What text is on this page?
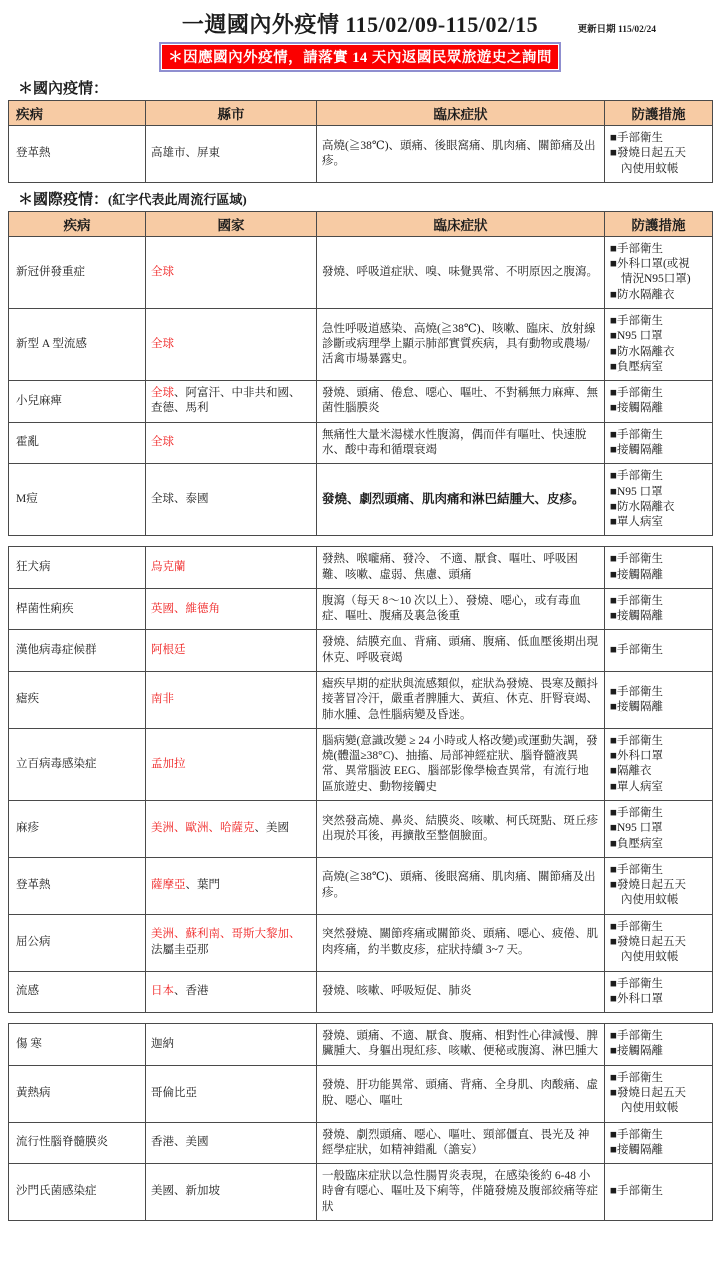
一週國內外疫情 115/02/09-115/02/15	更新日期 115/02/24
＊因應國內外疫情，請落實 14 天內返國民眾旅遊史之詢問
＊國內疫情：
疾病	縣市	臨床症狀	防護措施
登革熱	高雄市、屏東	高燒(≧38℃)、頭痛、後眼窩痛、肌肉痛、關節痛及出疹。	■手部衛生
■發燒日起五天
內使用蚊帳
＊國際疫情：(紅字代表此周流行區域)
疾病	國家	臨床症狀	防護措施
新冠併發重症	全球	發燒、呼吸道症狀、嗅、味覺異常、不明原因之腹瀉。	■手部衛生
■外科口罩(或視
情況N95口罩)
■防水隔離衣

新型 A 型流感	全球	急性呼吸道感染、高燒(≧38℃)、咳嗽、臨床、放射線診斷或病理學上顯示肺部實質疾病，具有動物或農場/活禽市場暴露史。	■手部衛生
■N95 口罩
■防水隔離衣
■負壓病室

小兒麻痺	全球、阿富汗、中非共和國、查德、馬利	發燒、頭痛、倦怠、噁心、嘔吐、不對稱無力麻痺、無菌性腦膜炎	■手部衛生
■接觸隔離

霍亂	全球	無痛性大量米湯樣水性腹瀉，偶而伴有嘔吐、快速脫水、酸中毒和循環衰竭	■手部衛生
■接觸隔離

M痘	全球、泰國	發燒、劇烈頭痛、肌肉痛和淋巴結腫大、皮疹。	■手部衛生
■N95 口罩
■防水隔離衣
■單人病室
狂犬病	烏克蘭	發熱、喉嚨痛、發冷、 不適、厭食、嘔吐、呼吸困難、咳嗽、虛弱、焦慮、頭痛	■手部衛生
■接觸隔離

桿菌性痢疾	英國、維德角	腹瀉（每天 8～10 次以上）、發燒、噁心，或有毒血症、嘔吐、腹痛及裏急後重	■手部衛生
■接觸隔離

漢他病毒症候群	阿根廷	發燒、結膜充血、背痛、頭痛、腹痛、低血壓後期出現休克、呼吸衰竭	■手部衛生

瘧疾	南非	瘧疾早期的症狀與流感類似，症狀為發燒、畏寒及顫抖接著冒冷汗，嚴重者脾腫大、黃疸、休克、肝腎衰竭、肺水腫、急性腦病變及昏迷。	■手部衛生
■接觸隔離

立百病毒感染症	孟加拉	腦病變(意識改變 ≥ 24 小時或人格改變)或運動失調，發燒(體溫≥38°C)、抽搐、局部神經症狀、腦脊髓液異常、異常腦波 EEG、腦部影像學檢查異常，有流行地區旅遊史、動物接觸史	■手部衛生
■外科口罩
■隔離衣
■單人病室

麻疹	美洲、歐洲、哈薩克、美國	突然發高燒、鼻炎、結膜炎、咳嗽、柯氏斑點、斑丘疹出現於耳後，再擴散至整個臉面。	■手部衛生
■N95 口罩
■負壓病室

登革熱	薩摩亞、葉門	高燒(≧38℃)、頭痛、後眼窩痛、肌肉痛、關節痛及出疹。	■手部衛生
■發燒日起五天
內使用蚊帳

屈公病	美洲、蘇利南、哥斯大黎加、法屬圭亞那	突然發燒、關節疼痛或關節炎、頭痛、噁心、疲倦、肌肉疼痛，約半數皮疹，症狀持續 3~7 天。	■手部衛生
■發燒日起五天
內使用蚊帳

流感	日本、香港	發燒、咳嗽、呼吸短促、肺炎	■手部衛生
■外科口罩
傷 寒	迦納	發燒、頭痛、不適、厭食、腹痛、相對性心律減慢、脾臟腫大、身軀出現紅疹、咳嗽、便秘或腹瀉、淋巴腫大	■手部衛生
■接觸隔離

黃熱病	哥倫比亞	發燒、肝功能異常、頭痛、背痛、全身肌、肉酸痛、虛脫、噁心、嘔吐	■手部衛生
■發燒日起五天
內使用蚊帳

流行性腦脊髓膜炎	香港、美國	發燒、劇烈頭痛、噁心、嘔吐、頸部僵直、畏光及 神經學症狀，如精神錯亂（譫妄）	■手部衛生
■接觸隔離

沙門氏菌感染症	美國、新加坡	一般臨床症狀以急性腸胃炎表現，在感染後約 6-48 小時會有噁心、嘔吐及下痢等，伴隨發燒及腹部絞痛等症狀	■手部衛生
